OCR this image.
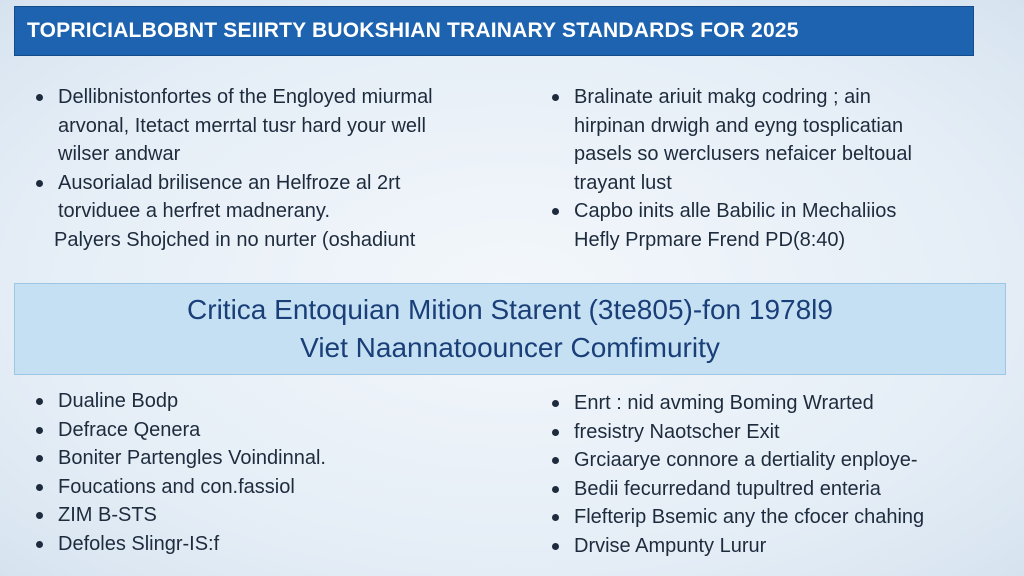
TOPRICIALBOBNT SEIIRTY BUOKSHIAN TRAINARY STANDARDS FOR 2025
Dellibnistonfortes of the Engloyed miurmal
arvonal, Itetact merrtal tusr hard your well
wilser andwar
Ausorialad brilisence an Helfroze al 2rt
torviduee a herfret madnerany.
Palyers Shojched in no nurter (oshadiunt
Bralinate ariuit makg codring ; ain
hirpinan drwigh and eyng tosplicatian
pasels so werclusers nefaicer beltoual
trayant lust
Capbo inits alle Babilic in Mechaliios
Hefly Prpmare Frend PD(8:40)
Critica Entoquian Mition Starent (3te805)-fon 1978l9
Viet Naannatoouncer Comfimurity
Dualine Bodp
Defrace Qenera
Boniter Partengles Voindinnal.
Foucations and con.fassiol
ZIM B-STS
Defoles Slingr-IS:f
Enrt : nid avming Boming Wrarted
fresistry Naotscher Exit
Grciaarye connore a dertiality enploye-
Bedii fecurredand tupultred enteria
Flefterip Bsemic any the cfocer chahing
Drvise Ampunty Lurur
